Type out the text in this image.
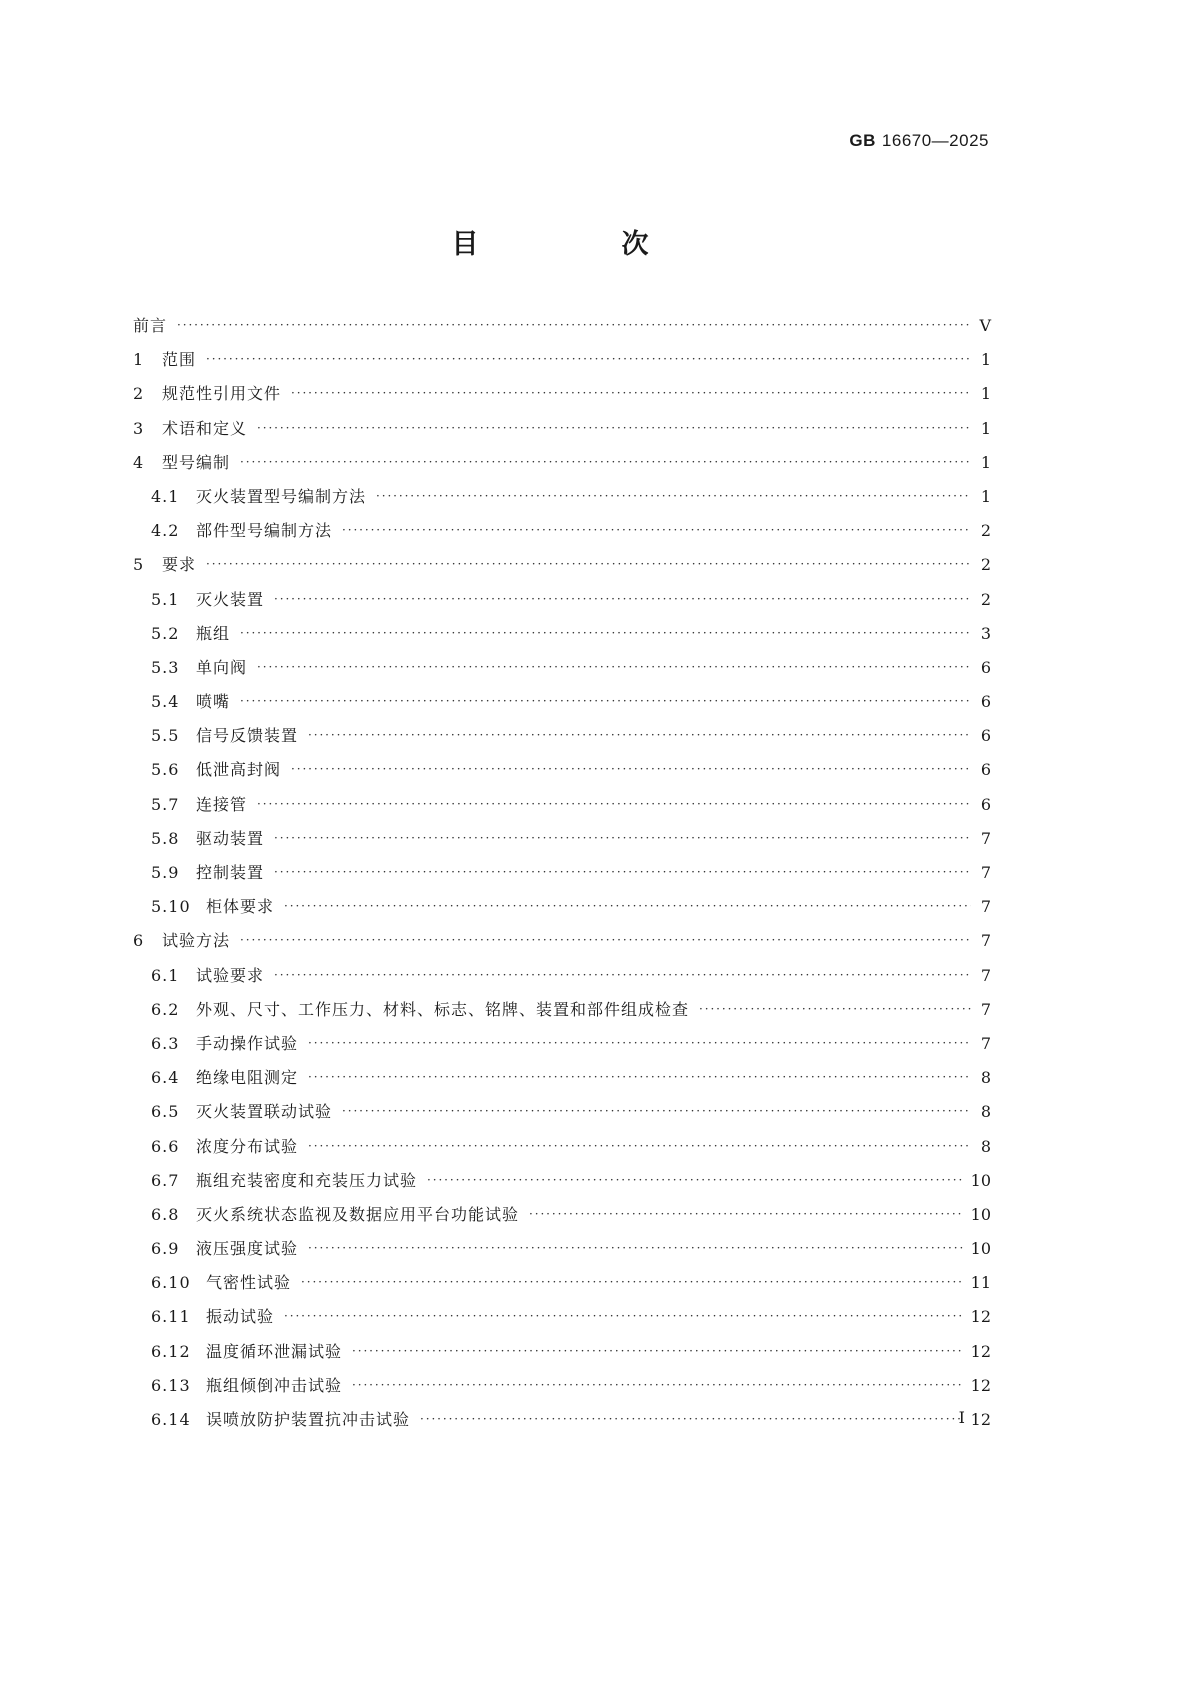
GB 16670—2025
目　次
前言 ·····	Ⅴ
1	范围 ·····	1
2	规范性引用文件 ·····	1
3	术语和定义 ·····	1
4	型号编制 ·····	1
4.1	灭火装置型号编制方法 ·····	1
4.2	部件型号编制方法 ·····	2
5	要求 ·····	2
5.1	灭火装置 ·····	2
5.2	瓶组 ·····	3
5.3	单向阀 ·····	6
5.4	喷嘴 ·····	6
5.5	信号反馈装置 ·····	6
5.6	低泄高封阀 ·····	6
5.7	连接管 ·····	6
5.8	驱动装置 ·····	7
5.9	控制装置 ·····	7
5.10 柜体要求 ·····	7
6	试验方法 ·····	7
6.1	试验要求 ·····	7
6.2	外观、尺寸、工作压力、材料、标志、铭牌、装置和部件组成检查 ·····	7
6.3	手动操作试验 ·····	7
6.4	绝缘电阻测定 ·····	8
6.5	灭火装置联动试验 ·····	8
6.6	浓度分布试验 ·····	8
6.7	瓶组充装密度和充装压力试验 ·····	10
6.8	灭火系统状态监视及数据应用平台功能试验 ·····	10
6.9	液压强度试验 ·····	10
6.10 气密性试验 ·····	11
6.11 振动试验 ·····	12
6.12 温度循环泄漏试验 ·····	12
6.13 瓶组倾倒冲击试验 ·····	12
6.14 误喷放防护装置抗冲击试验 ·····	12
Ⅰ
